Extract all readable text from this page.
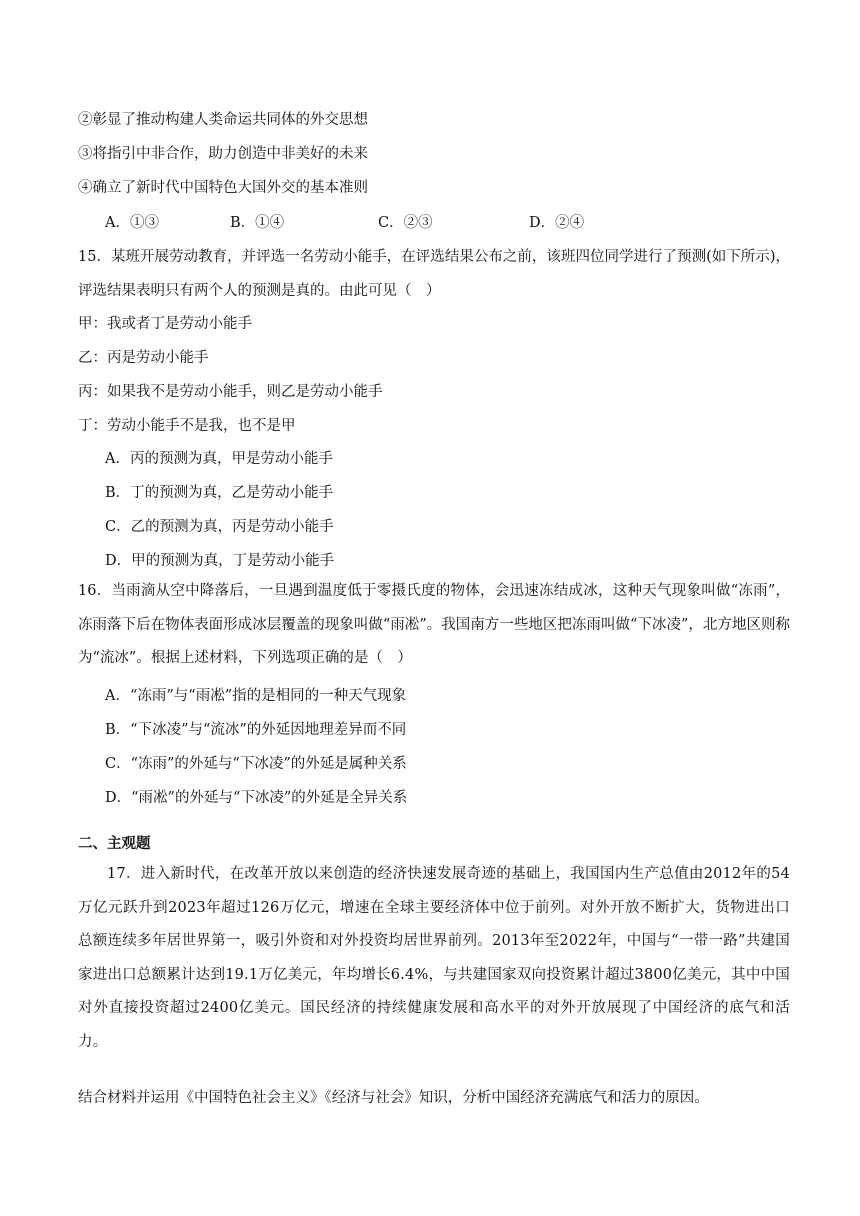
②彰显了推动构建人类命运共同体的外交思想
③将指引中非合作，助力创造中非美好的未来
④确立了新时代中国特色大国外交的基本准则
A．①③	B．①④	C．②③	D．②④
15．某班开展劳动教育，并评选一名劳动小能手，在评选结果公布之前，该班四位同学进行了预测(如下所示)，评选结果表明只有两个人的预测是真的。由此可见（　）
甲：我或者丁是劳动小能手
乙：丙是劳动小能手
丙：如果我不是劳动小能手，则乙是劳动小能手
丁：劳动小能手不是我，也不是甲
A．丙的预测为真，甲是劳动小能手
B．丁的预测为真，乙是劳动小能手
C．乙的预测为真，丙是劳动小能手
D．甲的预测为真，丁是劳动小能手
16．当雨滴从空中降落后，一旦遇到温度低于零摄氏度的物体，会迅速冻结成冰，这种天气现象叫做“冻雨”，冻雨落下后在物体表面形成冰层覆盖的现象叫做“雨凇”。我国南方一些地区把冻雨叫做“下冰凌”，北方地区则称为“流冰”。根据上述材料，下列选项正确的是（　）
A．“冻雨”与“雨凇”指的是相同的一种天气现象
B．“下冰凌”与“流冰”的外延因地理差异而不同
C．“冻雨”的外延与“下冰凌”的外延是属种关系
D．“雨凇”的外延与“下冰凌”的外延是全异关系
二、主观题
17．进入新时代，在改革开放以来创造的经济快速发展奇迹的基础上，我国国内生产总值由2012年的54万亿元跃升到2023年超过126万亿元，增速在全球主要经济体中位于前列。对外开放不断扩大，货物进出口总额连续多年居世界第一，吸引外资和对外投资均居世界前列。2013年至2022年，中国与“一带一路”共建国家进出口总额累计达到19.1万亿美元，年均增长6.4%，与共建国家双向投资累计超过3800亿美元，其中中国对外直接投资超过2400亿美元。国民经济的持续健康发展和高水平的对外开放展现了中国经济的底气和活力。
结合材料并运用《中国特色社会主义》《经济与社会》知识，分析中国经济充满底气和活力的原因。
